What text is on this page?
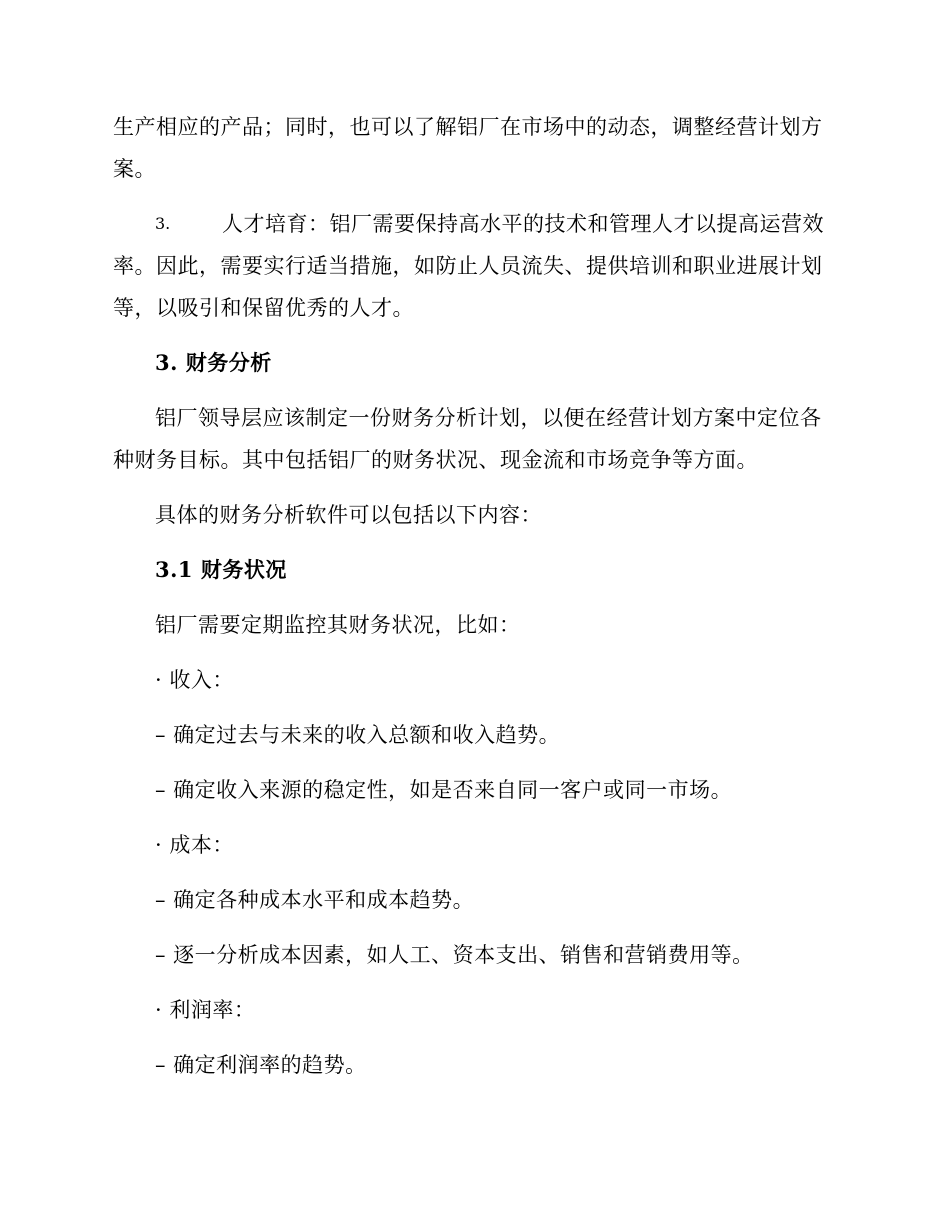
生产相应的产品；同时，也可以了解铝厂在市场中的动态，调整经营计划方
案。
3. 人才培育：铝厂需要保持高水平的技术和管理人才以提高运营效
率。因此，需要实行适当措施，如防止人员流失、提供培训和职业进展计划
等，以吸引和保留优秀的人才。
3. 财务分析
铝厂领导层应该制定一份财务分析计划，以便在经营计划方案中定位各
种财务目标。其中包括铝厂的财务状况、现金流和市场竞争等方面。
具体的财务分析软件可以包括以下内容：
3.1 财务状况
铝厂需要定期监控其财务状况，比如：
· 收入：
– 确定过去与未来的收入总额和收入趋势。
– 确定收入来源的稳定性，如是否来自同一客户或同一市场。
· 成本：
– 确定各种成本水平和成本趋势。
– 逐一分析成本因素，如人工、资本支出、销售和营销费用等。
· 利润率：
– 确定利润率的趋势。
